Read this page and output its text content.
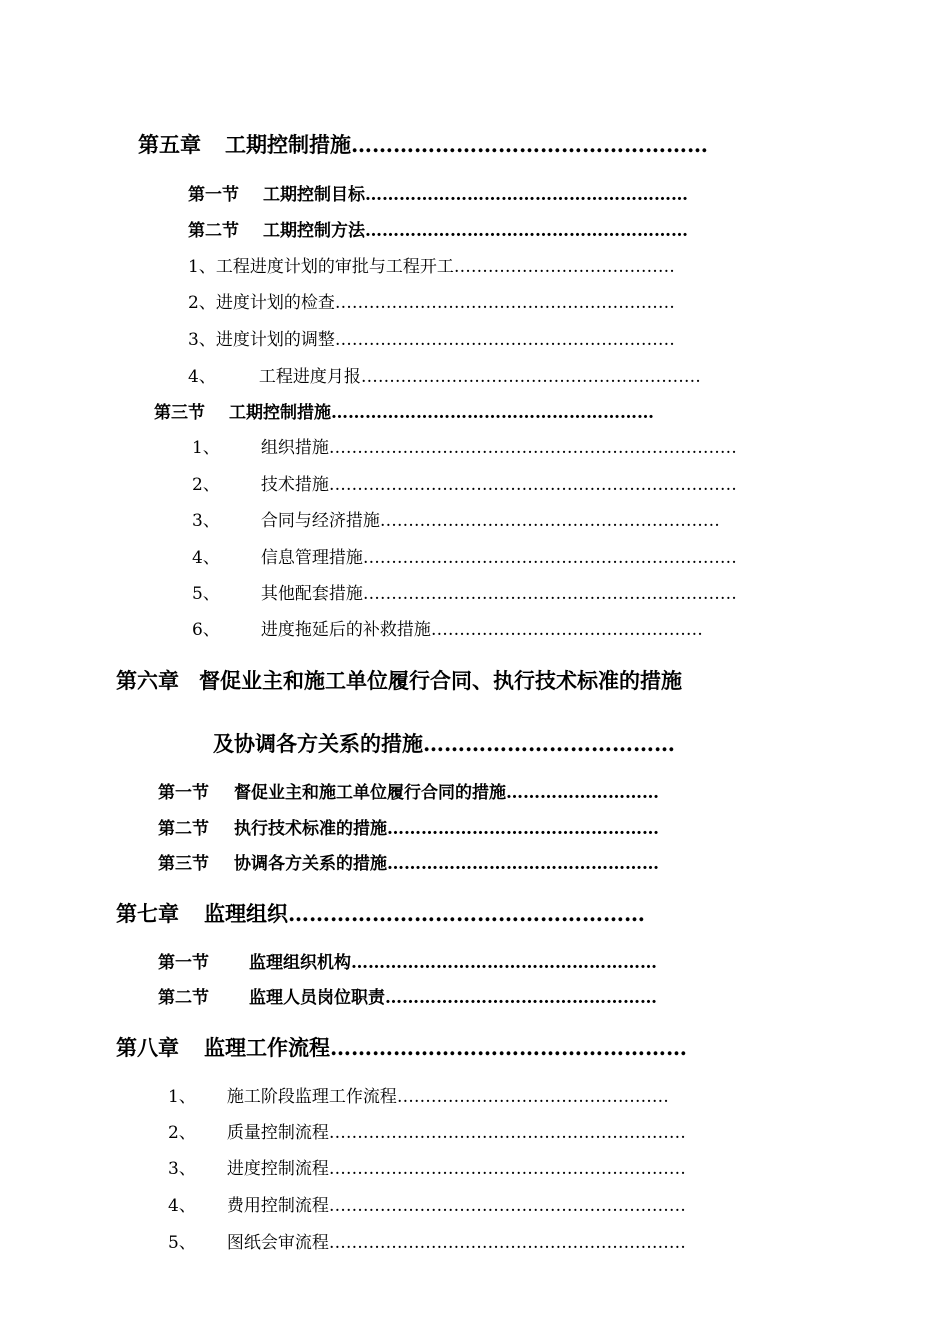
第五章 工期控制措施……………………………………………
第一节 工期控制目标…………………………………………………
第二节 工期控制方法…………………………………………………
1、工程进度计划的审批与工程开工…………………………………
2、进度计划的检查……………………………………………………
3、进度计划的调整……………………………………………………
4、	工程进度月报……………………………………………………
第三节 工期控制措施…………………………………………………
1、 组织措施………………………………………………………………
2、 技术措施………………………………………………………………
3、 合同与经济措施……………………………………………………
4、 信息管理措施…………………………………………………………
5、 其他配套措施…………………………………………………………
6、 进度拖延后的补救措施…………………………………………
第六章 督促业主和施工单位履行合同、执行技术标准的措施
及协调各方关系的措施………………………………
第一节 督促业主和施工单位履行合同的措施………………………
第二节 执行技术标准的措施…………………………………………
第三节 协调各方关系的措施…………………………………………
第七章 监理组织……………………………………………
第一节 监理组织机构………………………………………………
第二节 监理人员岗位职责…………………………………………
第八章 监理工作流程……………………………………………
1、 施工阶段监理工作流程…………………………………………
2、 质量控制流程………………………………………………………
3、 进度控制流程………………………………………………………
4、 费用控制流程………………………………………………………
5、 图纸会审流程………………………………………………………
